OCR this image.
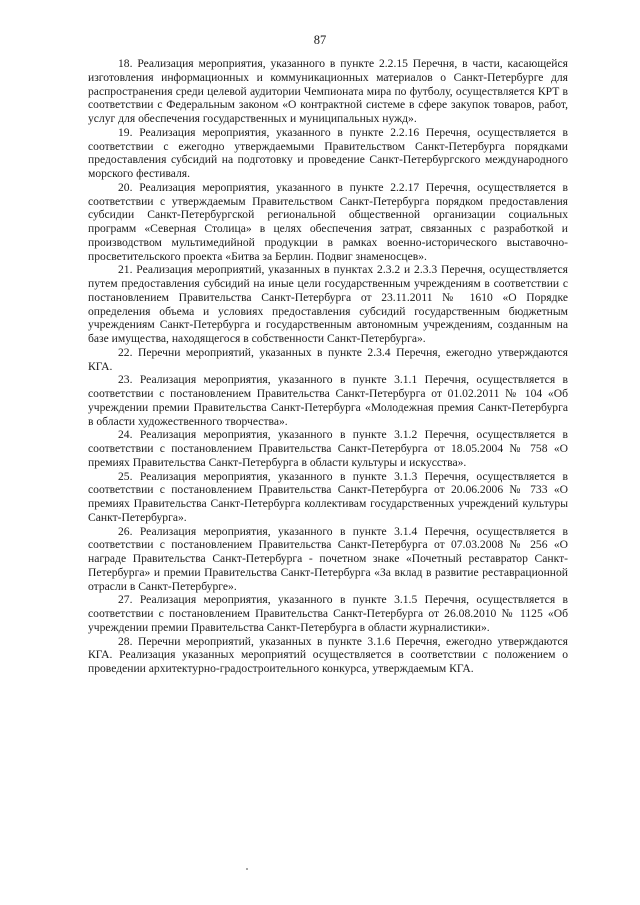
87

18. Реализация мероприятия, указанного в пункте 2.2.15 Перечня, в части, касающейся изготовления информационных и коммуникационных материалов о Санкт-Петербурге для распространения среди целевой аудитории Чемпионата мира по футболу, осуществляется КРТ в соответствии с Федеральным законом «О контрактной системе в сфере закупок товаров, работ, услуг для обеспечения государственных и муниципальных нужд».

19. Реализация мероприятия, указанного в пункте 2.2.16 Перечня, осуществляется в соответствии с ежегодно утверждаемыми Правительством Санкт-Петербурга порядками предоставления субсидий на подготовку и проведение Санкт-Петербургского международного морского фестиваля.

20. Реализация мероприятия, указанного в пункте 2.2.17 Перечня, осуществляется в соответствии с утверждаемым Правительством Санкт-Петербурга порядком предоставления субсидии Санкт-Петербургской региональной общественной организации социальных программ «Северная Столица» в целях обеспечения затрат, связанных с разработкой и производством мультимедийной продукции в рамках военно-исторического выставочно-просветительского проекта «Битва за Берлин. Подвиг знаменосцев».

21. Реализация мероприятий, указанных в пунктах 2.3.2 и 2.3.3 Перечня, осуществляется путем предоставления субсидий на иные цели государственным учреждениям в соответствии с постановлением Правительства Санкт-Петербурга от 23.11.2011 № 1610 «О Порядке определения объема и условиях предоставления субсидий государственным бюджетным учреждениям Санкт-Петербурга и государственным автономным учреждениям, созданным на базе имущества, находящегося в собственности Санкт-Петербурга».

22. Перечни мероприятий, указанных в пункте 2.3.4 Перечня, ежегодно утверждаются КГА.

23. Реализация мероприятия, указанного в пункте 3.1.1 Перечня, осуществляется в соответствии с постановлением Правительства Санкт-Петербурга от 01.02.2011 № 104 «Об учреждении премии Правительства Санкт-Петербурга «Молодежная премия Санкт-Петербурга в области художественного творчества».

24. Реализация мероприятия, указанного в пункте 3.1.2 Перечня, осуществляется в соответствии с постановлением Правительства Санкт-Петербурга от 18.05.2004 № 758 «О премиях Правительства Санкт-Петербурга в области культуры и искусства».

25. Реализация мероприятия, указанного в пункте 3.1.3 Перечня, осуществляется в соответствии с постановлением Правительства Санкт-Петербурга от 20.06.2006 № 733 «О премиях Правительства Санкт-Петербурга коллективам государственных учреждений культуры Санкт-Петербурга».

26. Реализация мероприятия, указанного в пункте 3.1.4 Перечня, осуществляется в соответствии с постановлением Правительства Санкт-Петербурга от 07.03.2008 № 256 «О награде Правительства Санкт-Петербурга - почетном знаке «Почетный реставратор Санкт-Петербурга» и премии Правительства Санкт-Петербурга «За вклад в развитие реставрационной отрасли в Санкт-Петербурге».

27. Реализация мероприятия, указанного в пункте 3.1.5 Перечня, осуществляется в соответствии с постановлением Правительства Санкт-Петербурга от 26.08.2010 № 1125 «Об учреждении премии Правительства Санкт-Петербурга в области журналистики».

28. Перечни мероприятий, указанных в пункте 3.1.6 Перечня, ежегодно утверждаются КГА. Реализация указанных мероприятий осуществляется в соответствии с положением о проведении архитектурно-градостроительного конкурса, утверждаемым КГА.
